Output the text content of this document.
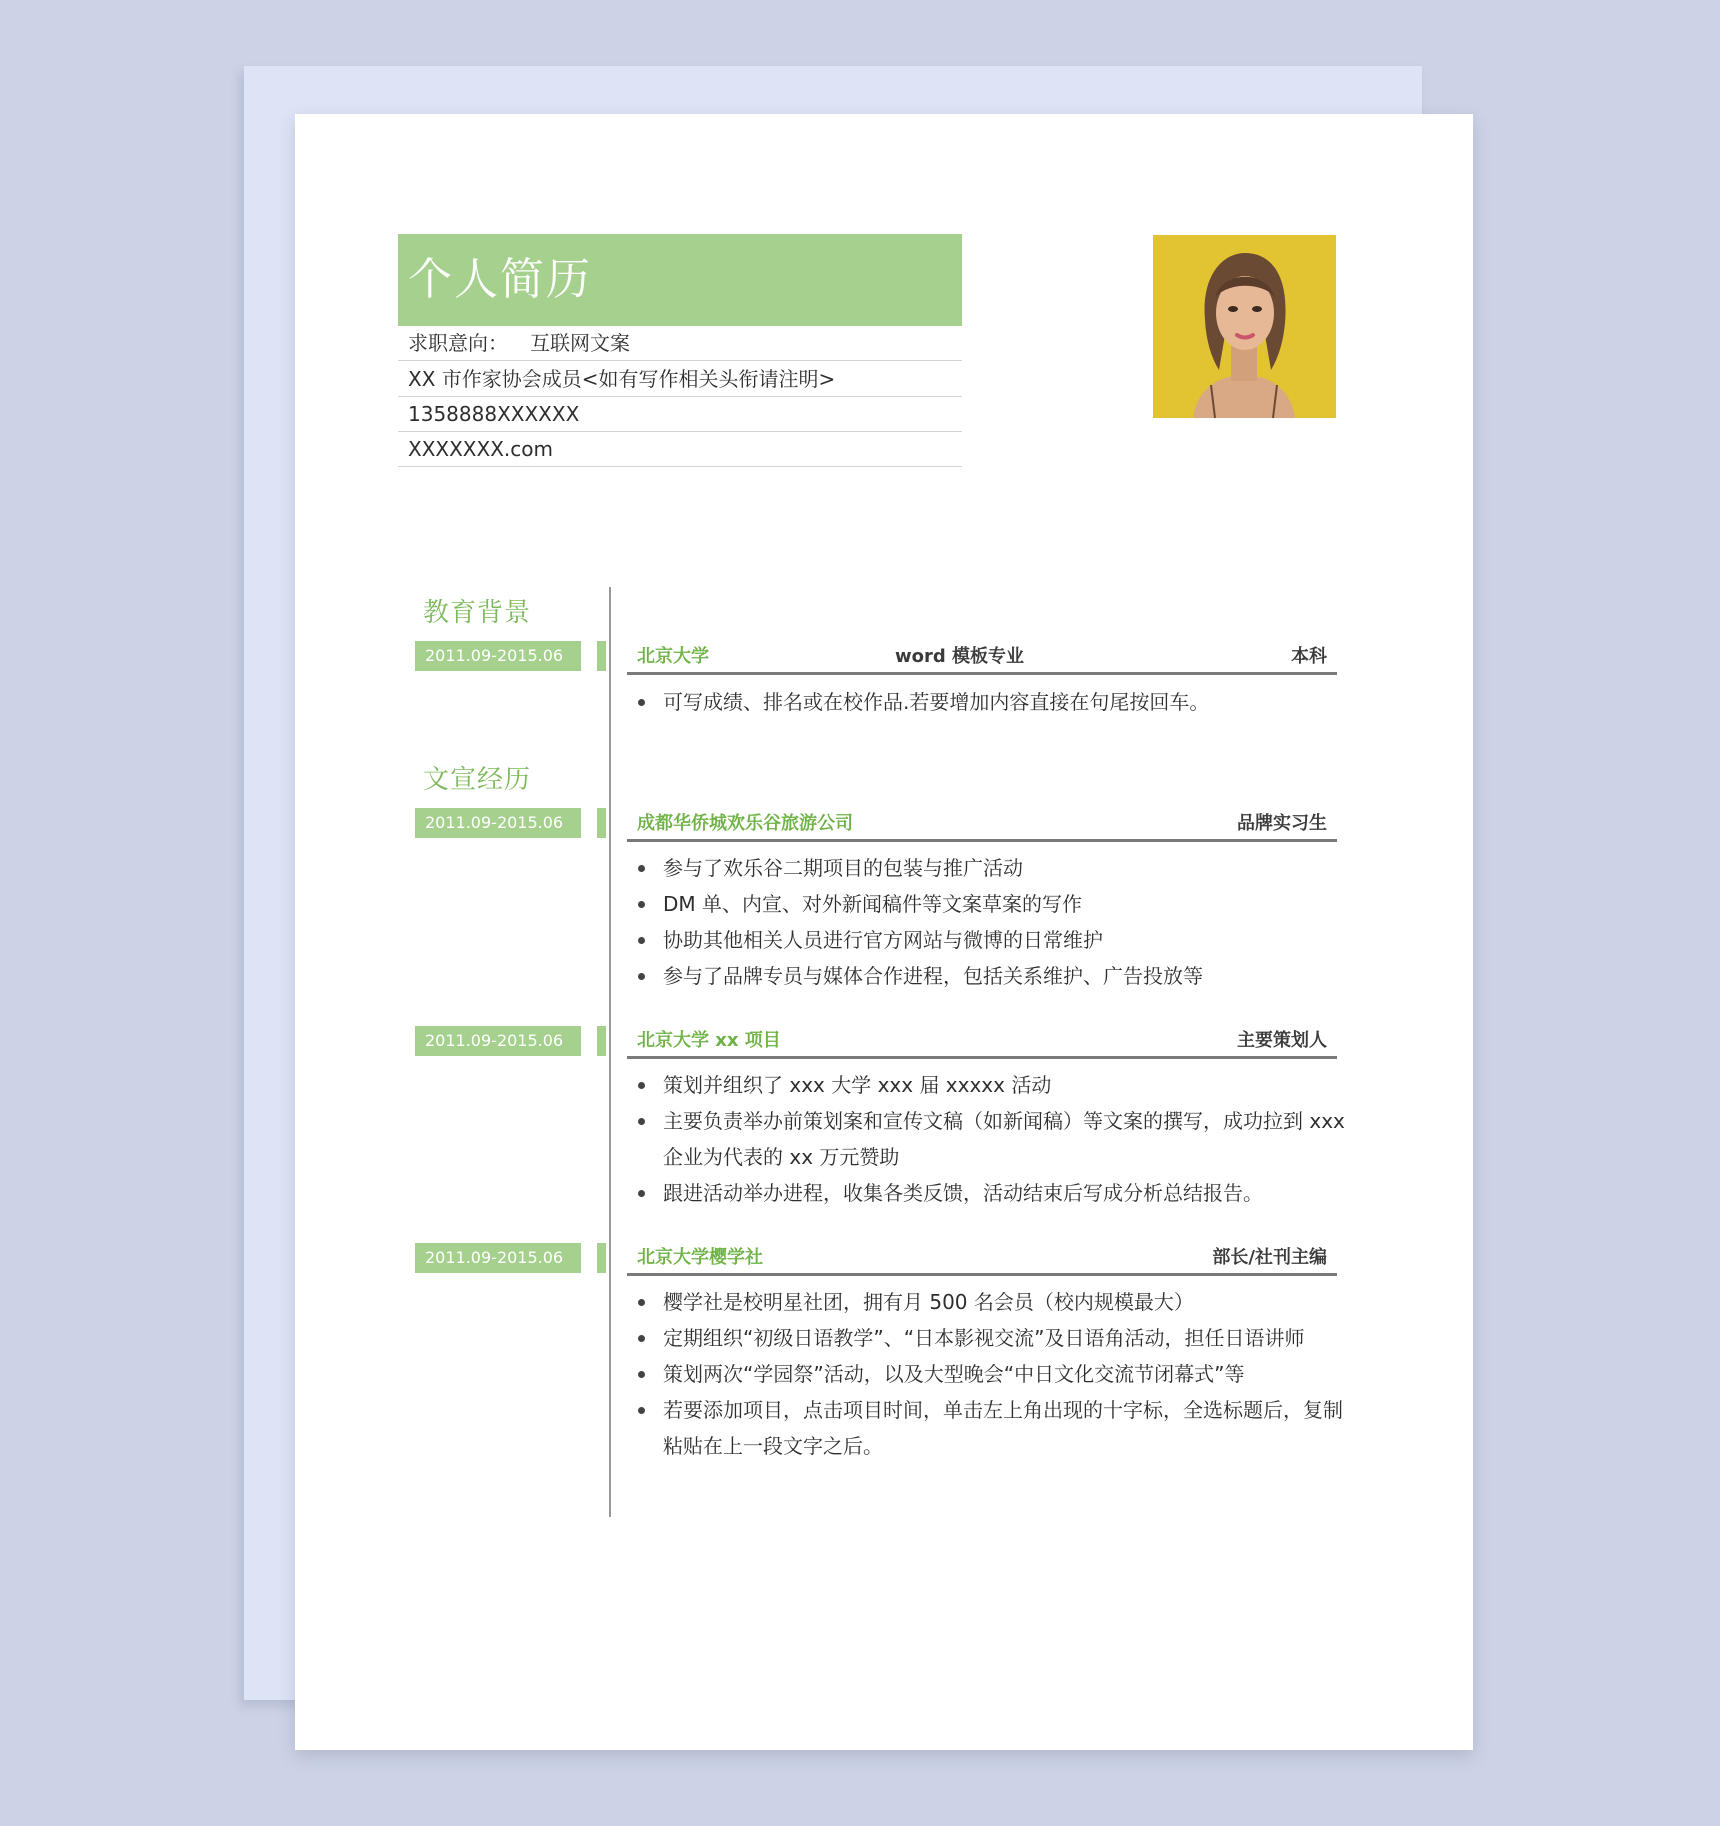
个人简历
求职意向： 互联网文案
XX 市作家协会成员<如有写作相关头衔请注明>
1358888XXXXXX
XXXXXXX.com
教育背景
2011.09-2015.06	北京大学	word 模板专业	本科
可写成绩、排名或在校作品.若要增加内容直接在句尾按回车。
文宣经历
2011.09-2015.06	成都华侨城欢乐谷旅游公司	品牌实习生
参与了欢乐谷二期项目的包装与推广活动
DM 单、内宣、对外新闻稿件等文案草案的写作
协助其他相关人员进行官方网站与微博的日常维护
参与了品牌专员与媒体合作进程，包括关系维护、广告投放等
2011.09-2015.06	北京大学 xx 项目	主要策划人
策划并组织了 xxx 大学 xxx 届 xxxxx 活动
主要负责举办前策划案和宣传文稿（如新闻稿）等文案的撰写，成功拉到 xxx 企业为代表的 xx 万元赞助
跟进活动举办进程，收集各类反馈，活动结束后写成分析总结报告。
2011.09-2015.06	北京大学樱学社	部长/社刊主编
樱学社是校明星社团，拥有月 500 名会员（校内规模最大）
定期组织“初级日语教学”、“日本影视交流”及日语角活动，担任日语讲师
策划两次“学园祭”活动，以及大型晚会“中日文化交流节闭幕式”等
若要添加项目，点击项目时间，单击左上角出现的十字标，全选标题后，复制粘贴在上一段文字之后。
